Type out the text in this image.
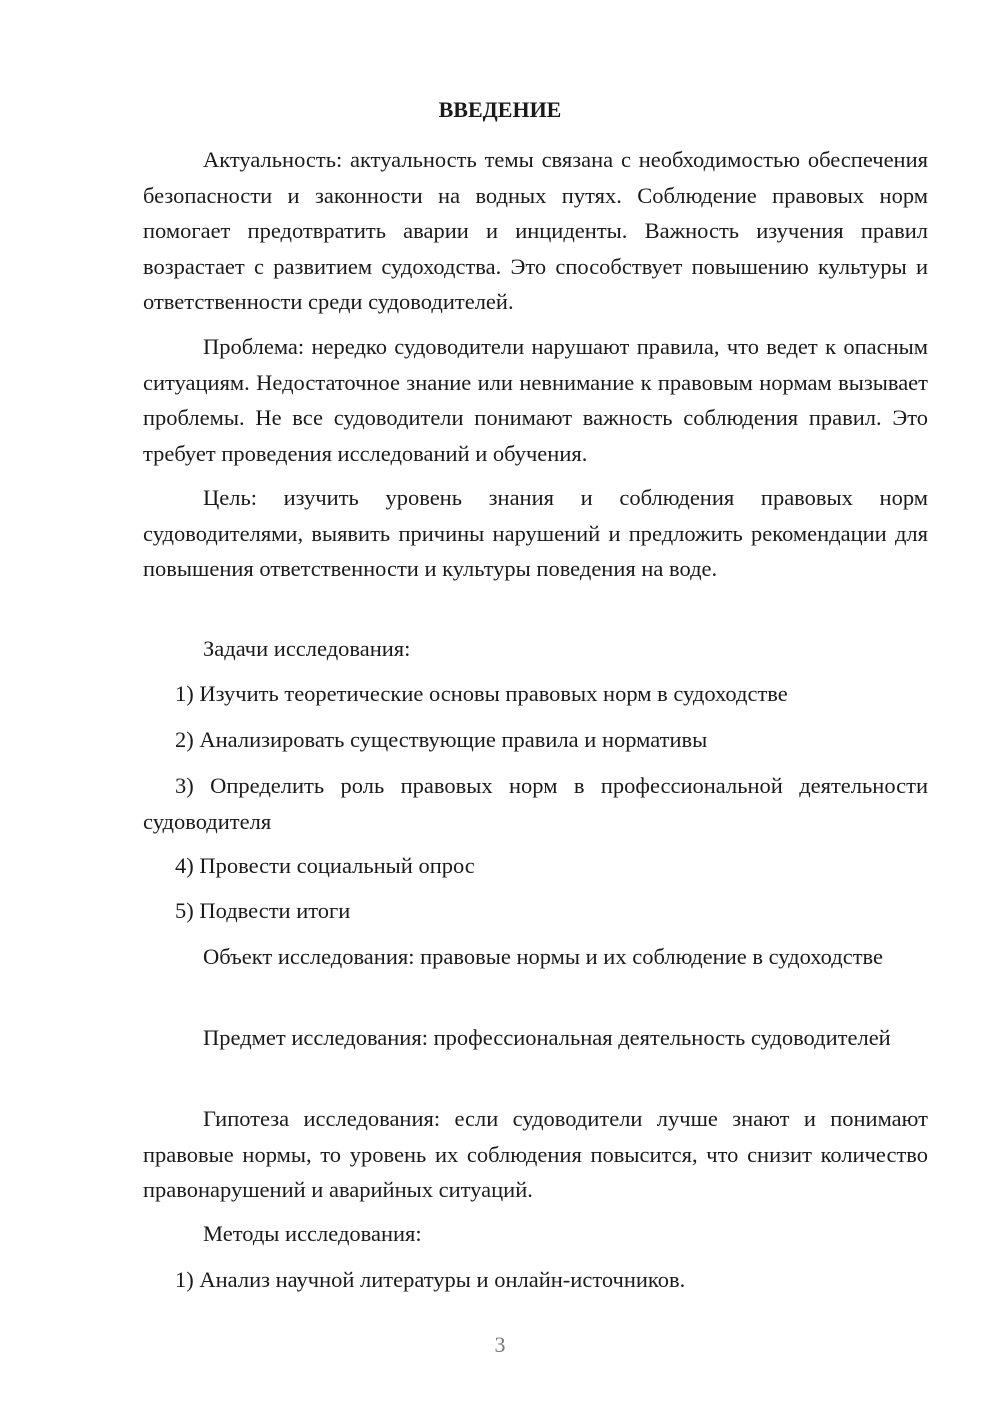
ВВЕДЕНИЕ

Актуальность: актуальность темы связана с необходимостью обеспечения безопасности и законности на водных путях. Соблюдение правовых норм помогает предотвратить аварии и инциденты. Важность изучения правил возрастает с развитием судоходства. Это способствует повышению культуры и ответственности среди судоводителей.

Проблема: нередко судоводители нарушают правила, что ведет к опасным ситуациям. Недостаточное знание или невнимание к правовым нормам вызывает проблемы. Не все судоводители понимают важность соблюдения правил. Это требует проведения исследований и обучения.

Цель: изучить уровень знания и соблюдения правовых норм судоводителями, выявить причины нарушений и предложить рекомендации для повышения ответственности и культуры поведения на воде.

Задачи исследования:

1) Изучить теоретические основы правовых норм в судоходстве

2) Анализировать существующие правила и нормативы

3) Определить роль правовых норм в профессиональной деятельности судоводителя

4) Провести социальный опрос

5) Подвести итоги

Объект исследования: правовые нормы и их соблюдение в судоходстве

Предмет исследования: профессиональная деятельность судоводителей

Гипотеза исследования: если судоводители лучше знают и понимают правовые нормы, то уровень их соблюдения повысится, что снизит количество правонарушений и аварийных ситуаций.

Методы исследования:

1) Анализ научной литературы и онлайн-источников.

3
